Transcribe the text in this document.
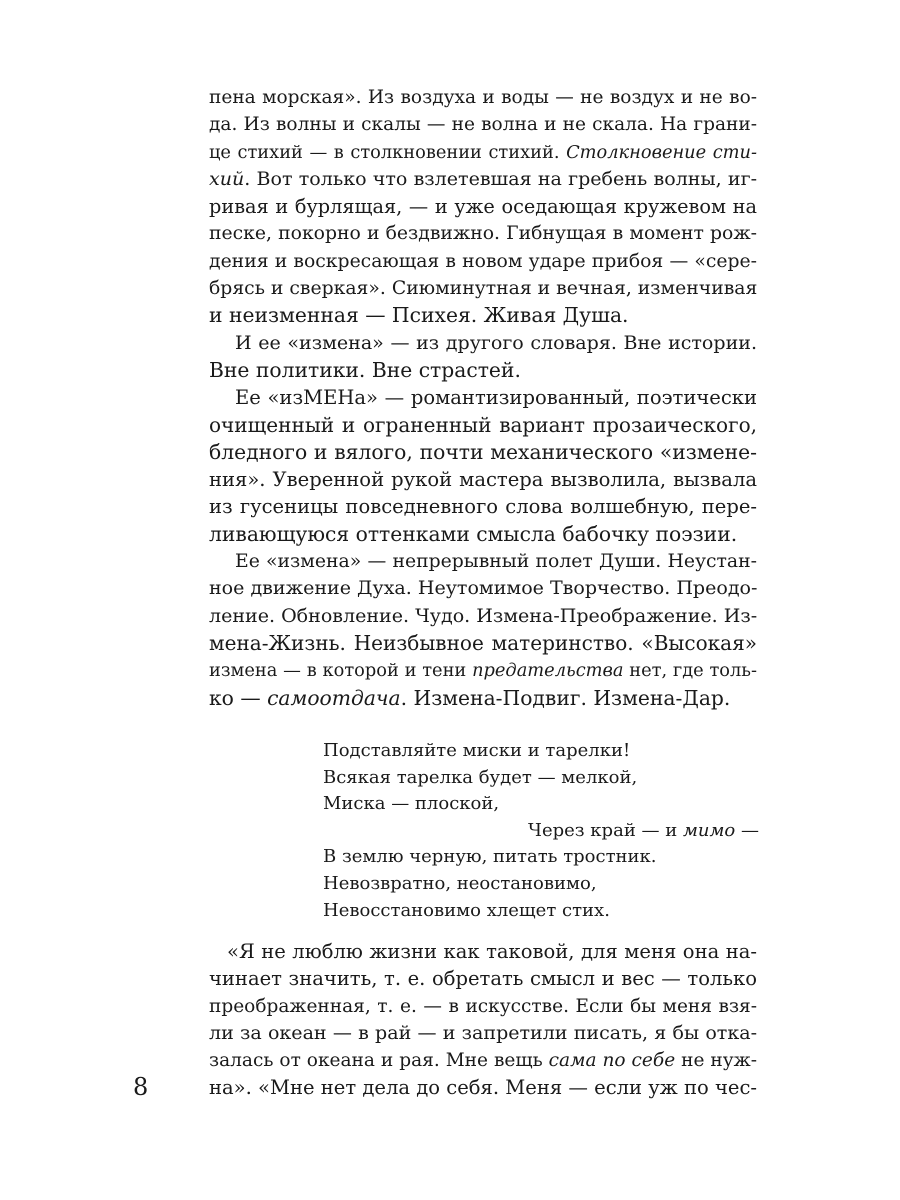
пена морская». Из воздуха и воды — не воздух и не во-
да. Из волны и скалы — не волна и не скала. На грани-
це стихий — в столкновении стихий. Столкновение сти-
хий. Вот только что взлетевшая на гребень волны, иг-
ривая и бурлящая, — и уже оседающая кружевом на
песке, покорно и бездвижно. Гибнущая в момент рож-
дения и воскресающая в новом ударе прибоя — «сере-
брясь и сверкая». Сиюминутная и вечная, изменчивая
и неизменная — Психея. Живая Душа.
И ее «измена» — из другого словаря. Вне истории.
Вне политики. Вне страстей.
Ее «изМЕНа» — романтизированный, поэтически
очищенный и ограненный вариант прозаического,
бледного и вялого, почти механического «измене-
ния». Уверенной рукой мастера вызволила, вызвала
из гусеницы повседневного слова волшебную, пере-
ливающуюся оттенками смысла бабочку поэзии.
Ее «измена» — непрерывный полет Души. Неустан-
ное движение Духа. Неутомимое Творчество. Преодо-
ление. Обновление. Чудо. Измена-Преображение. Из-
мена-Жизнь. Неизбывное материнство. «Высокая»
измена — в которой и тени предательства нет, где толь-
ко — самоотдача. Измена-Подвиг. Измена-Дар.
Подставляйте миски и тарелки!
Всякая тарелка будет — мелкой,
Миска — плоской,
Через край — и мимо —
В землю черную, питать тростник.
Невозвратно, неостановимо,
Невосстановимо хлещет стих.
«Я не люблю жизни как таковой, для меня она на-
чинает значить, т. е. обретать смысл и вес — только
преображенная, т. е. — в искусстве. Если бы меня взя-
ли за океан — в рай — и запретили писать, я бы отка-
залась от океана и рая. Мне вещь сама по себе не нуж-
на». «Мне нет дела до себя. Меня — если уж по чес-
8
